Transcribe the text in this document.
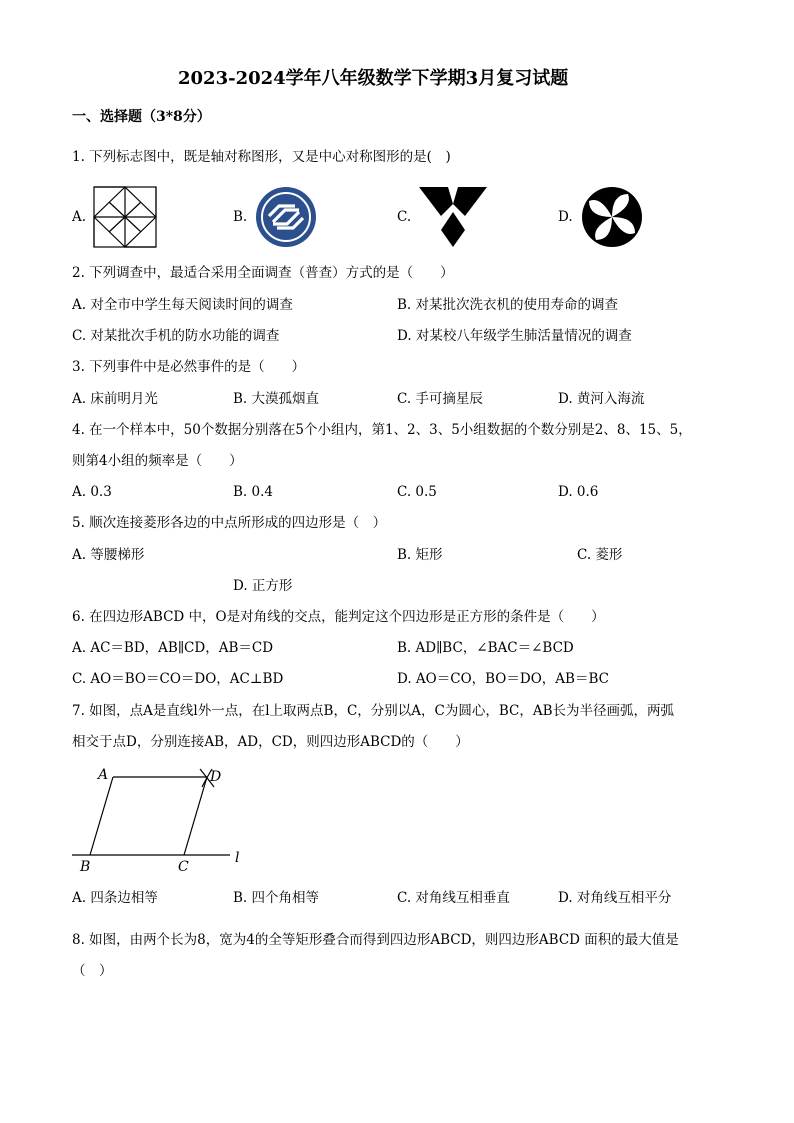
2023-2024学年八年级数学下学期3月复习试题
一、选择题（3*8分）
1. 下列标志图中，既是轴对称图形，又是中心对称图形的是(　)
A.	B.	C.	D.
2. 下列调查中，最适合采用全面调查（普查）方式的是（　　）
A. 对全市中学生每天阅读时间的调查	B. 对某批次洗衣机的使用寿命的调查
C. 对某批次手机的防水功能的调查	D. 对某校八年级学生肺活量情况的调查
3. 下列事件中是必然事件的是（　　）
A. 床前明月光	B. 大漠孤烟直	C. 手可摘星辰	D. 黄河入海流
4. 在一个样本中，50个数据分别落在5个小组内，第1、2、3、5小组数据的个数分别是2、8、15、5，
则第4小组的频率是（　　）
A. 0.3	B. 0.4	C. 0.5	D. 0.6
5. 顺次连接菱形各边的中点所形成的四边形是（　）
A. 等腰梯形	B. 矩形	C. 菱形
D. 正方形
6. 在四边形ABCD 中，O是对角线的交点，能判定这个四边形是正方形的条件是（　　）
A. AC＝BD，AB∥CD，AB＝CD	B. AD∥BC，∠BAC＝∠BCD
C. AO＝BO＝CO＝DO，AC⊥BD	D. AO＝CO，BO＝DO，AB＝BC
7. 如图，点A是直线l外一点，在l上取两点B，C，分别以A，C为圆心，BC，AB长为半径画弧，两弧
相交于点D，分别连接AB，AD，CD，则四边形ABCD的（　　）
A	D
B	C
l
A. 四条边相等	B. 四个角相等	C. 对角线互相垂直	D. 对角线互相平分
8. 如图，由两个长为8，宽为4的全等矩形叠合而得到四边形ABCD，则四边形ABCD 面积的最大值是
（　）
